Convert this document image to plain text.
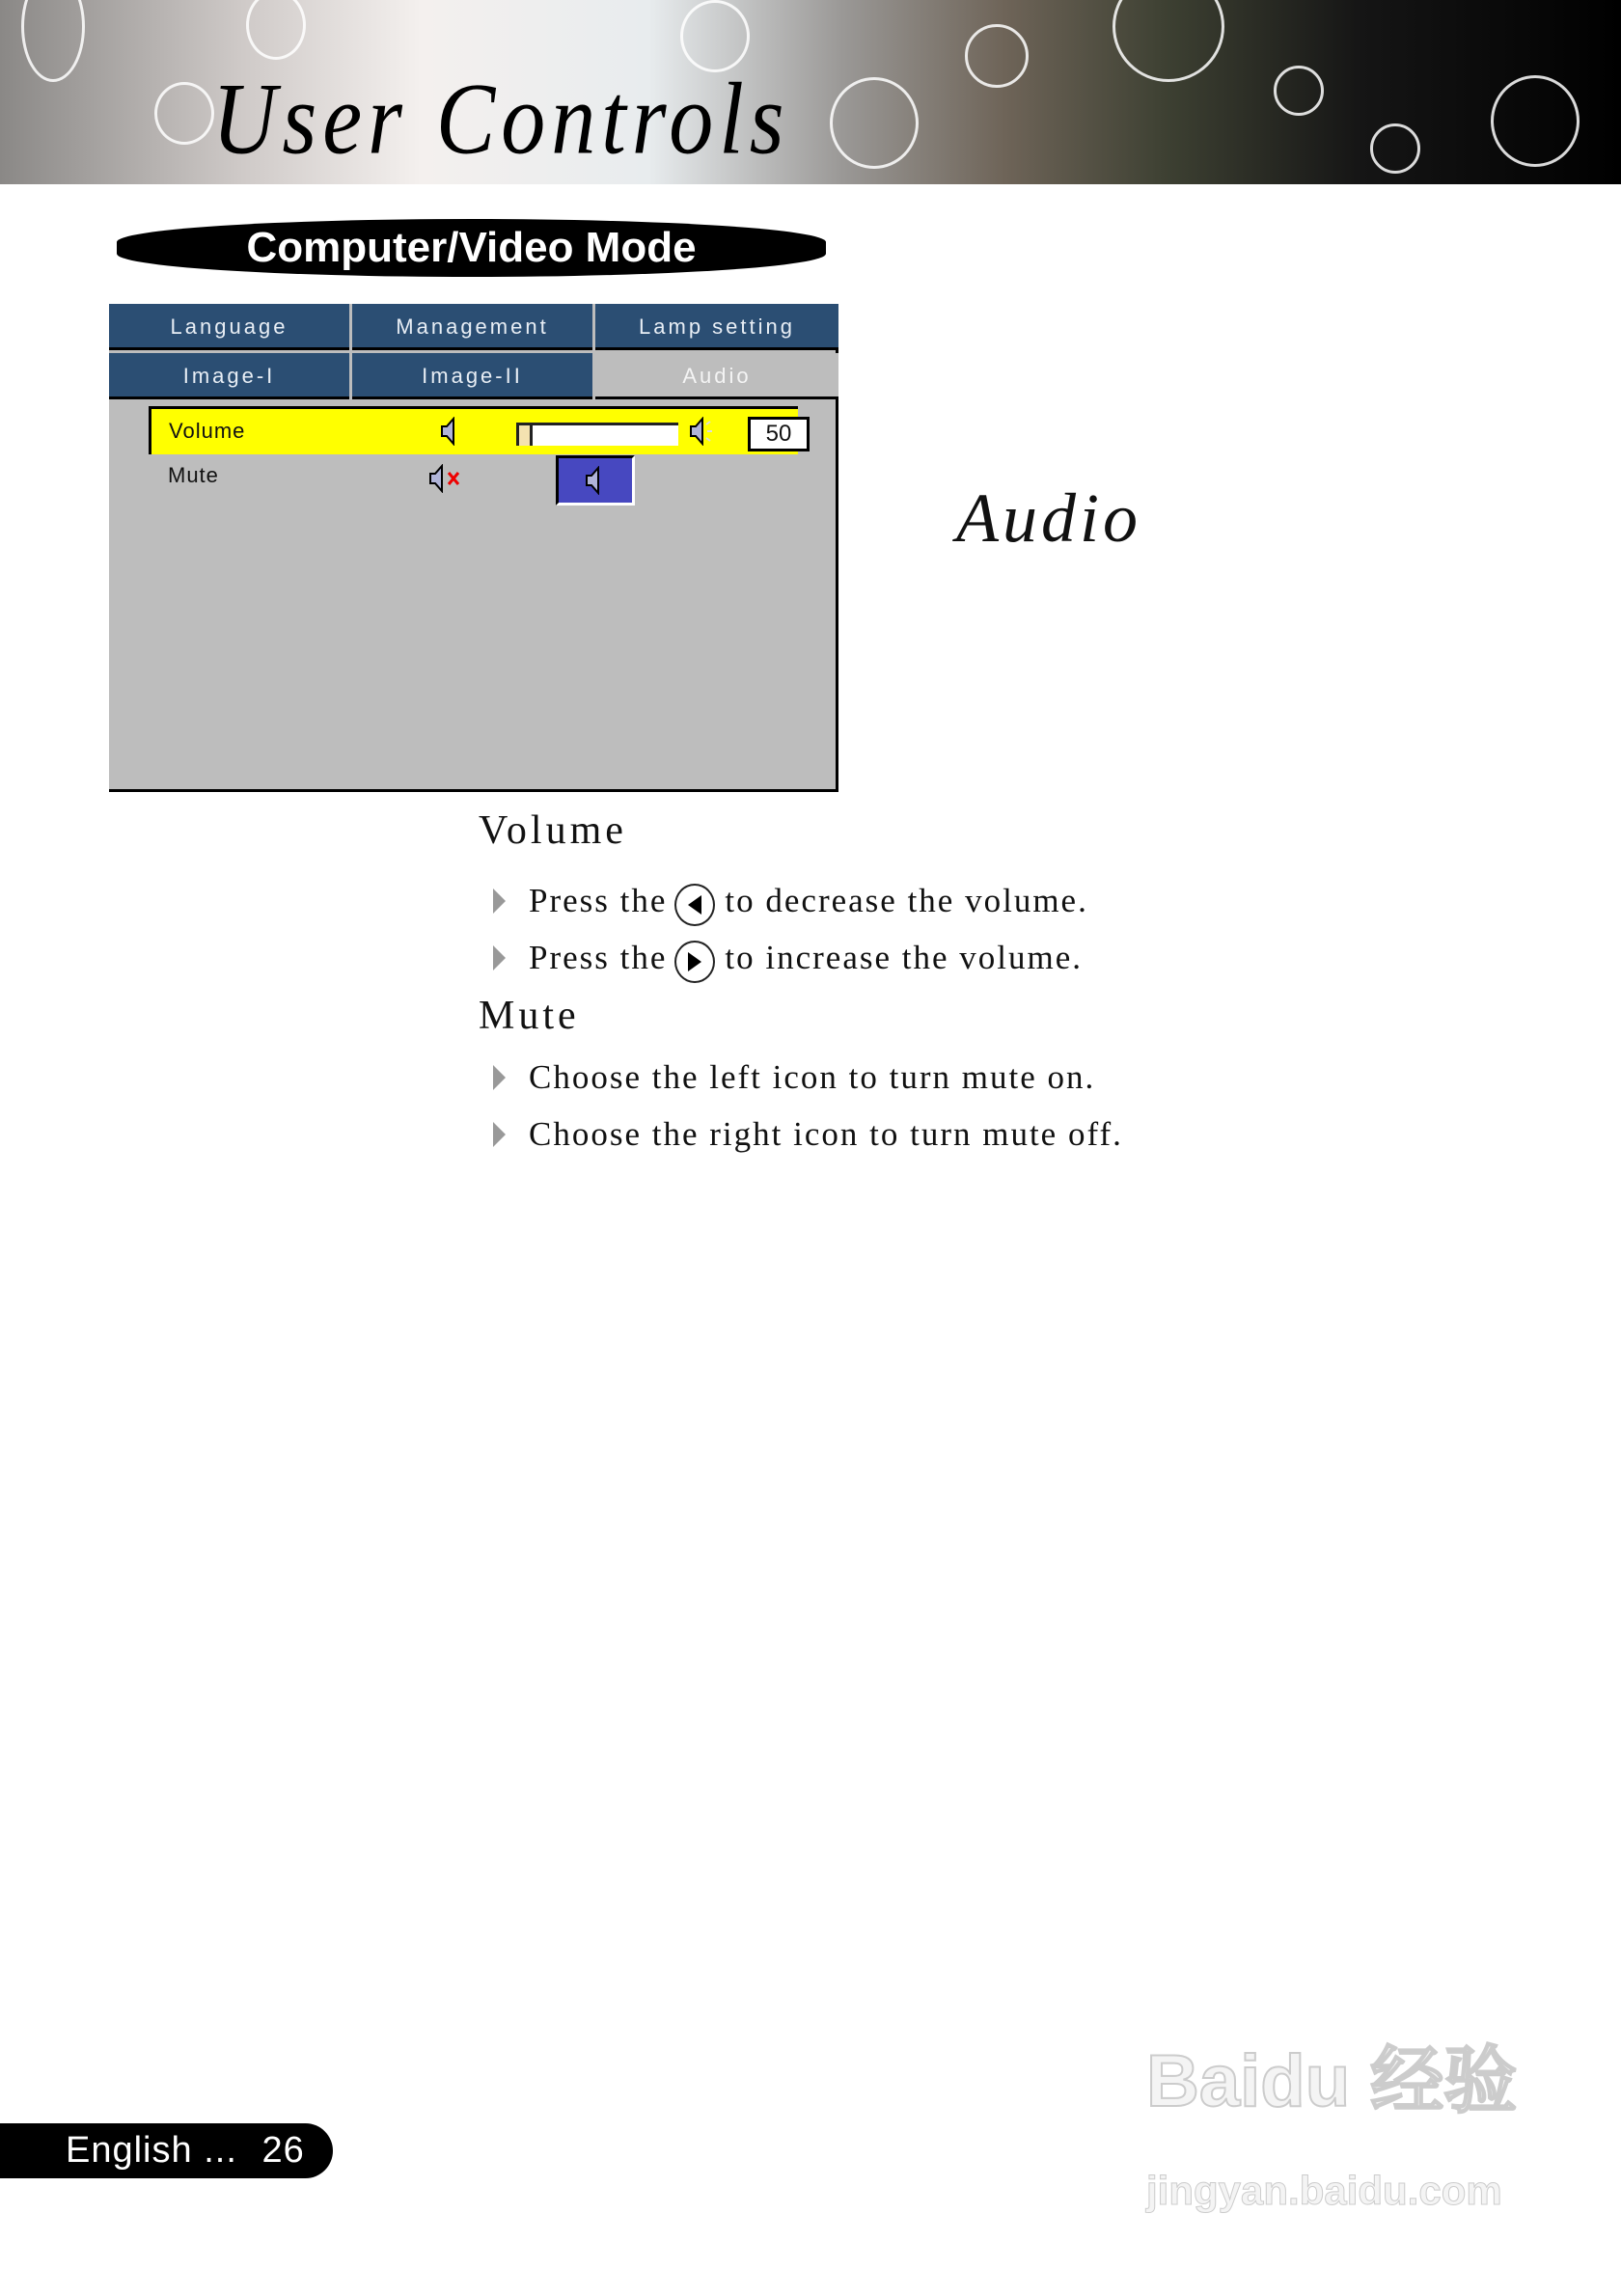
User Controls
Computer/Video Mode
Language	Management	Lamp setting
Image-I	Image-II	Audio
Volume	50
Mute
Audio
Volume
Press the to decrease the volume.
Press the to increase the volume.
Mute
Choose the left icon to turn mute on.
Choose the right icon to turn mute off.
English ... 26
Baidu 经验
jingyan.baidu.com
